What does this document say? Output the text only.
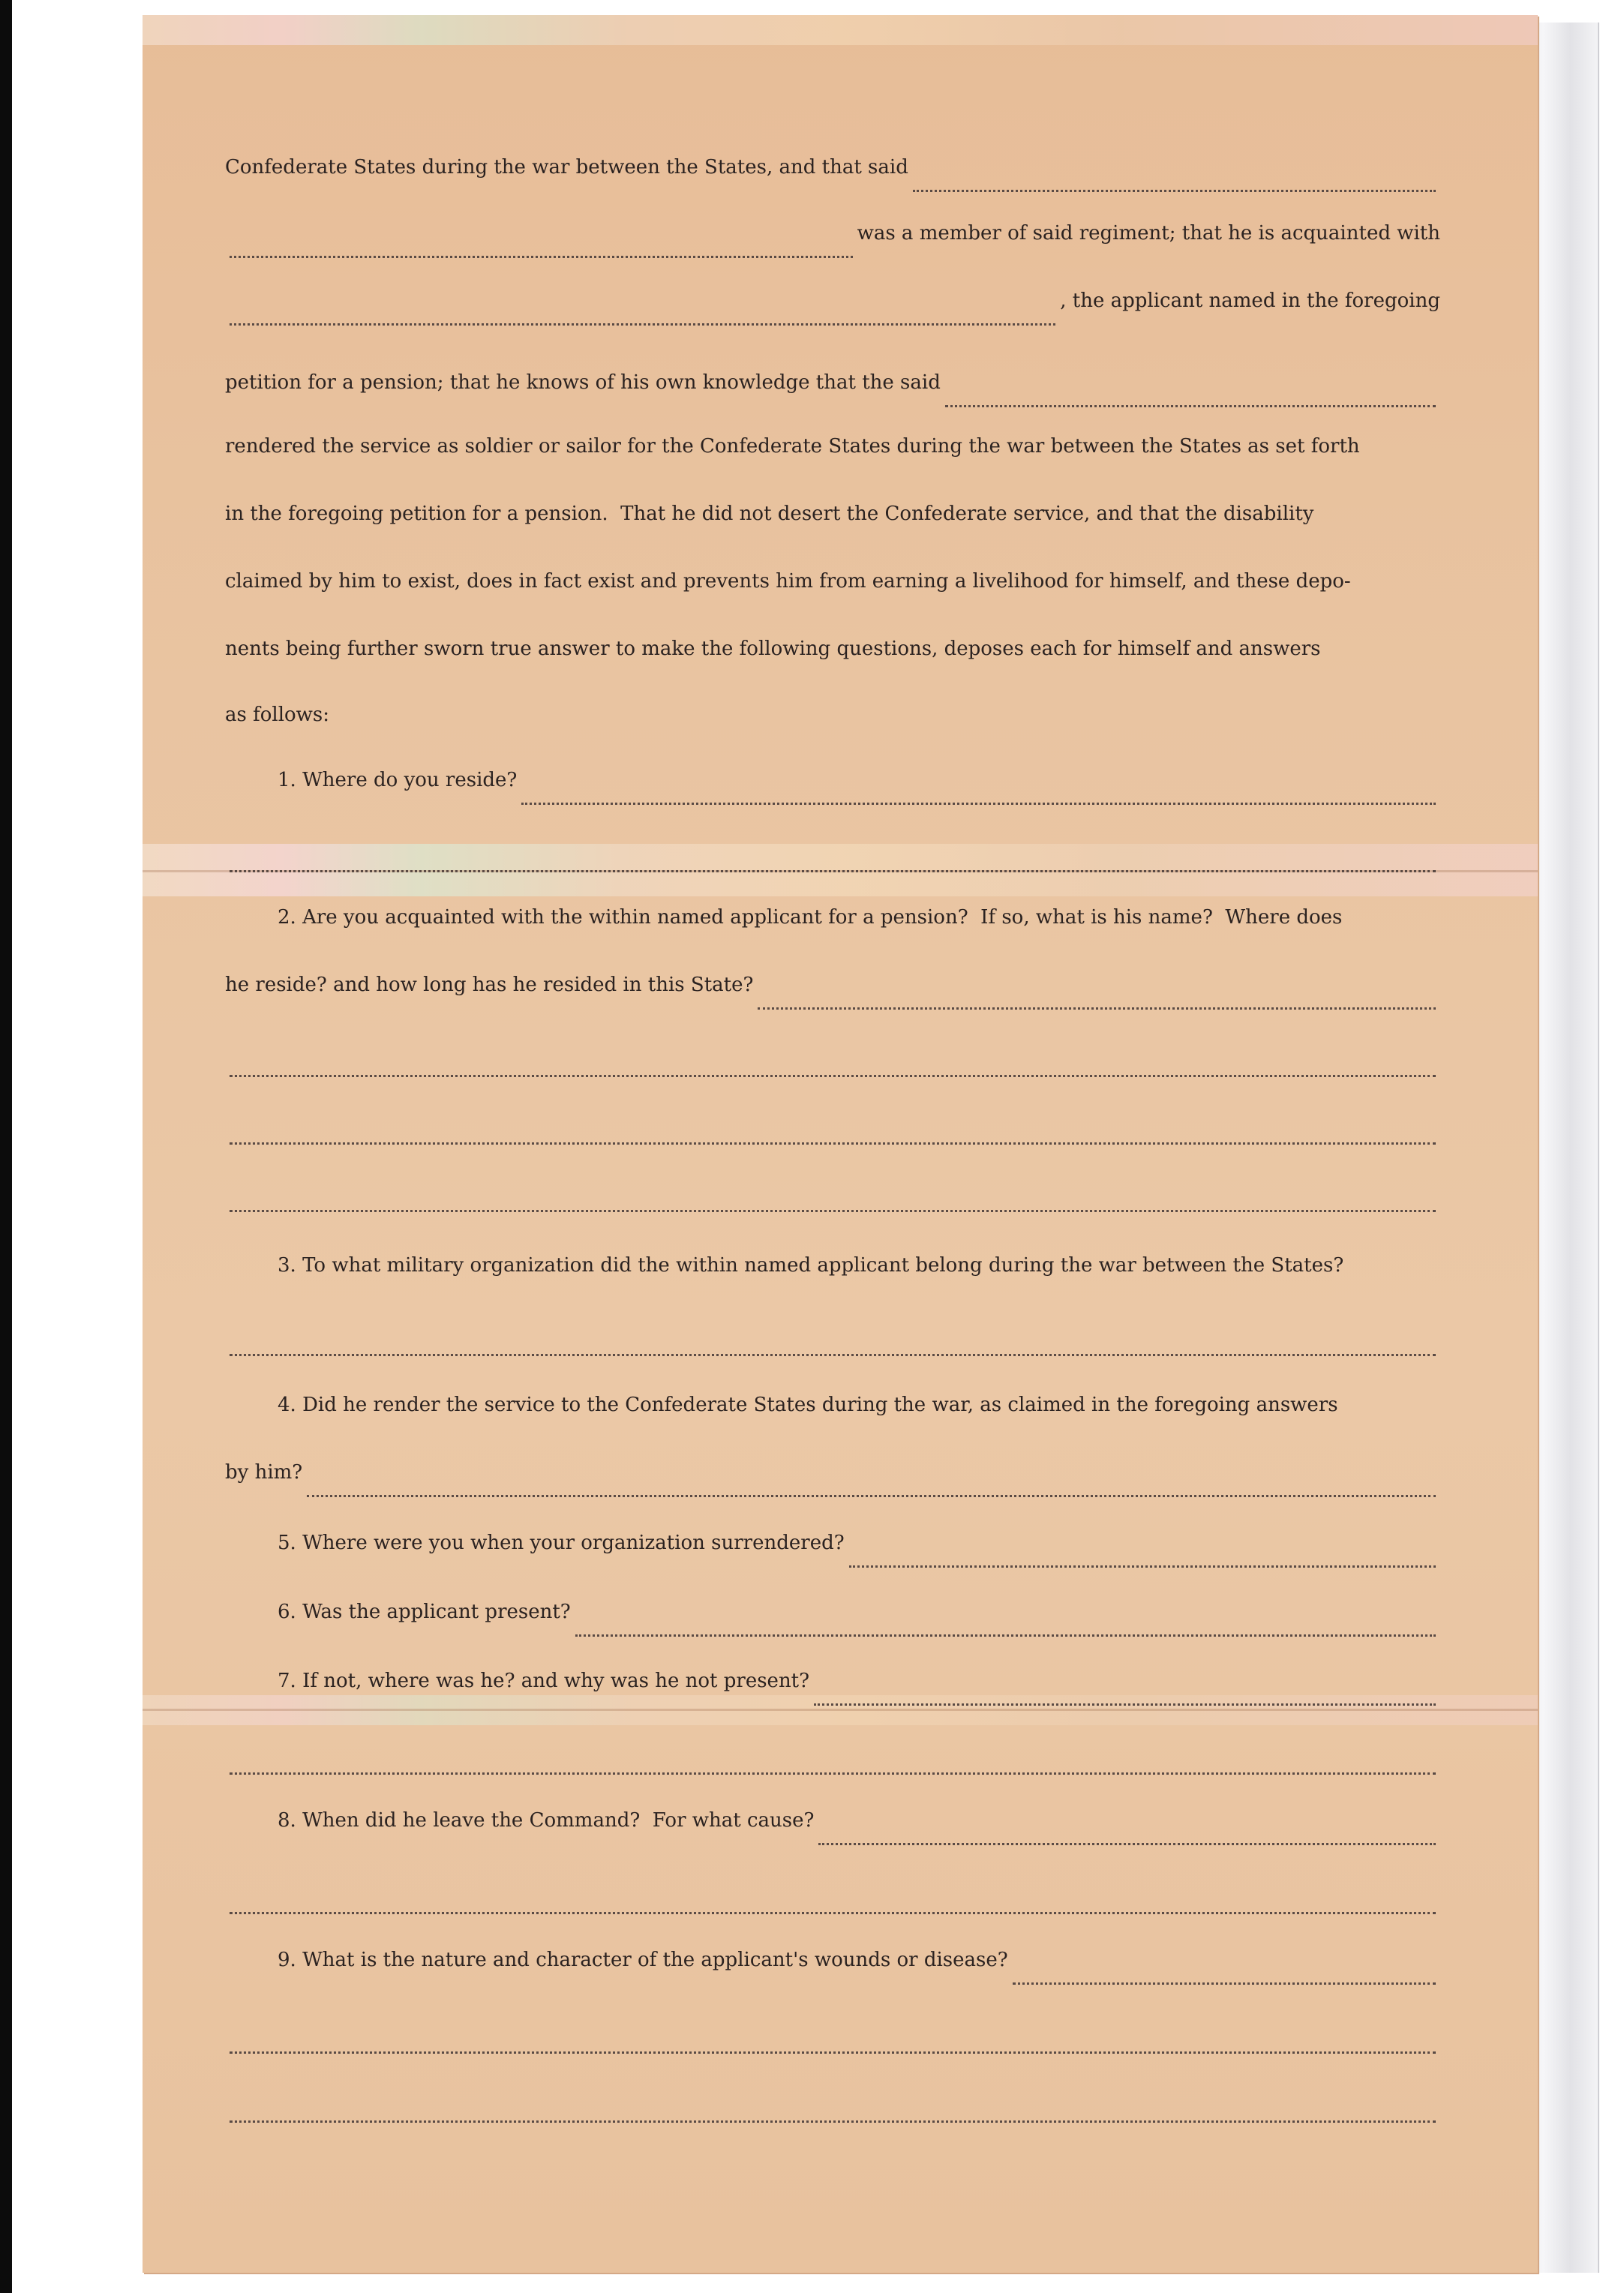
Confederate States during the war between the States, and that said
was a member of said regiment; that he is acquainted with
, the applicant named in the foregoing
petition for a pension; that he knows of his own knowledge that the said
rendered the service as soldier or sailor for the Confederate States during the war between the States as set forth
in the foregoing petition for a pension.  That he did not desert the Confederate service, and that the disability
claimed by him to exist, does in fact exist and prevents him from earning a livelihood for himself, and these depo-
nents being further sworn true answer to make the following questions, deposes each for himself and answers
as follows:
1. Where do you reside?
2. Are you acquainted with the within named applicant for a pension?  If so, what is his name?  Where does
he reside? and how long has he resided in this State?
3. To what military organization did the within named applicant belong during the war between the States?
4. Did he render the service to the Confederate States during the war, as claimed in the foregoing answers
by him?
5. Where were you when your organization surrendered?
6. Was the applicant present?
7. If not, where was he? and why was he not present?
8. When did he leave the Command?  For what cause?
9. What is the nature and character of the applicant's wounds or disease?
